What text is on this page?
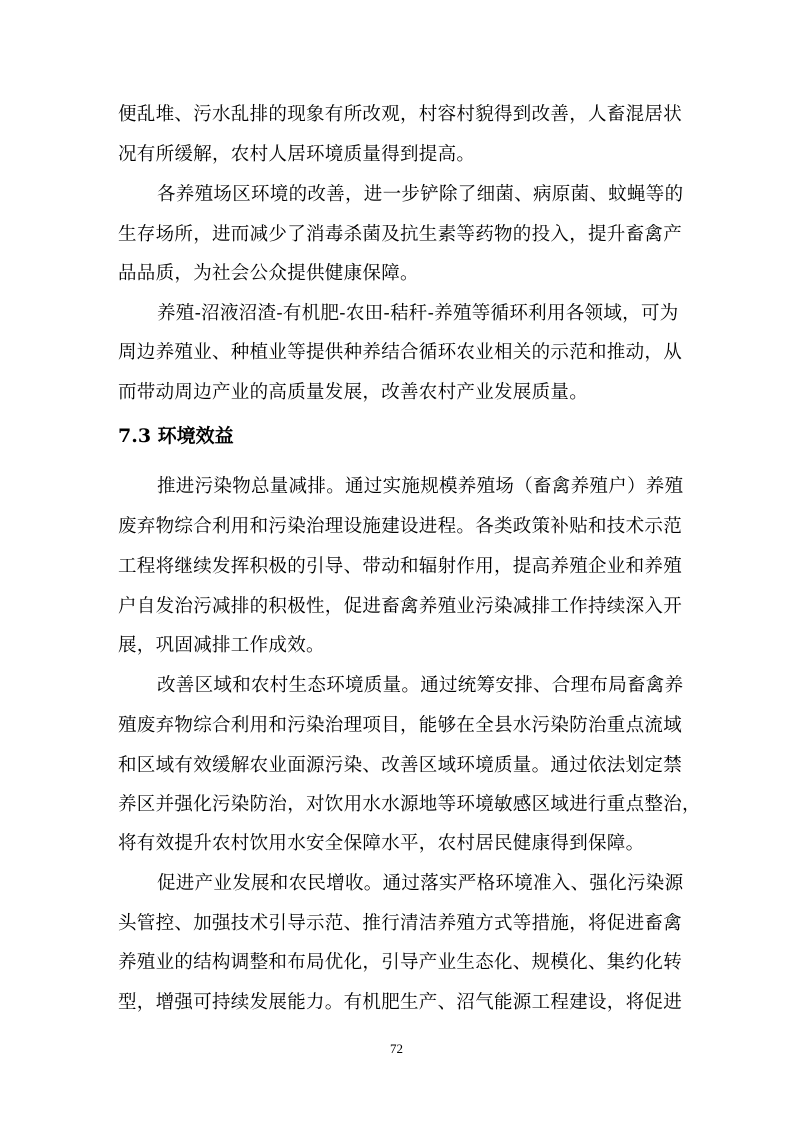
便乱堆、污水乱排的现象有所改观，村容村貌得到改善，人畜混居状
况有所缓解，农村人居环境质量得到提高。
各养殖场区环境的改善，进一步铲除了细菌、病原菌、蚊蝇等的
生存场所，进而减少了消毒杀菌及抗生素等药物的投入，提升畜禽产
品品质，为社会公众提供健康保障。
养殖-沼液沼渣-有机肥-农田-秸秆-养殖等循环利用各领域，可为
周边养殖业、种植业等提供种养结合循环农业相关的示范和推动，从
而带动周边产业的高质量发展，改善农村产业发展质量。
7.3 环境效益
推进污染物总量减排。通过实施规模养殖场（畜禽养殖户）养殖
废弃物综合利用和污染治理设施建设进程。各类政策补贴和技术示范
工程将继续发挥积极的引导、带动和辐射作用，提高养殖企业和养殖
户自发治污减排的积极性，促进畜禽养殖业污染减排工作持续深入开
展，巩固减排工作成效。
改善区域和农村生态环境质量。通过统筹安排、合理布局畜禽养
殖废弃物综合利用和污染治理项目，能够在全县水污染防治重点流域
和区域有效缓解农业面源污染、改善区域环境质量。通过依法划定禁
养区并强化污染防治，对饮用水水源地等环境敏感区域进行重点整治，
将有效提升农村饮用水安全保障水平，农村居民健康得到保障。
促进产业发展和农民增收。通过落实严格环境准入、强化污染源
头管控、加强技术引导示范、推行清洁养殖方式等措施，将促进畜禽
养殖业的结构调整和布局优化，引导产业生态化、规模化、集约化转
型，增强可持续发展能力。有机肥生产、沼气能源工程建设，将促进
72
